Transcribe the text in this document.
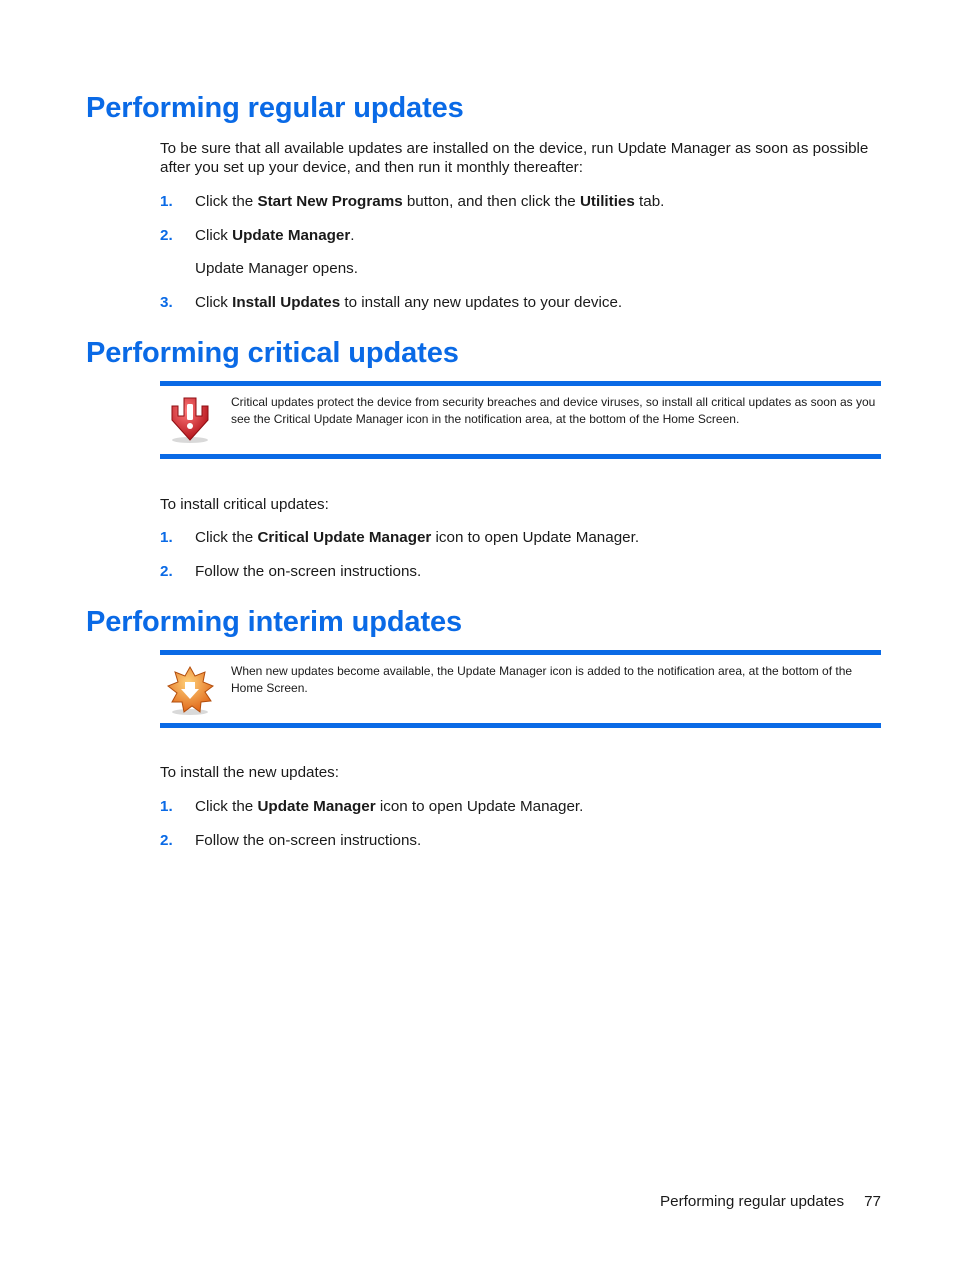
Performing regular updates

To be sure that all available updates are installed on the device, run Update Manager as soon as possible after you set up your device, and then run it monthly thereafter:

1. Click the Start New Programs button, and then click the Utilities tab.
2. Click Update Manager.
Update Manager opens.
3. Click Install Updates to install any new updates to your device.
Performing critical updates
Critical updates protect the device from security breaches and device viruses, so install all critical updates as soon as you see the Critical Update Manager icon in the notification area, at the bottom of the Home Screen.

To install critical updates:

1. Click the Critical Update Manager icon to open Update Manager.
2. Follow the on-screen instructions.
Performing interim updates
When new updates become available, the Update Manager icon is added to the notification area, at the bottom of the Home Screen.

To install the new updates:

1. Click the Update Manager icon to open Update Manager.
2. Follow the on-screen instructions.
Performing regular updates 77
